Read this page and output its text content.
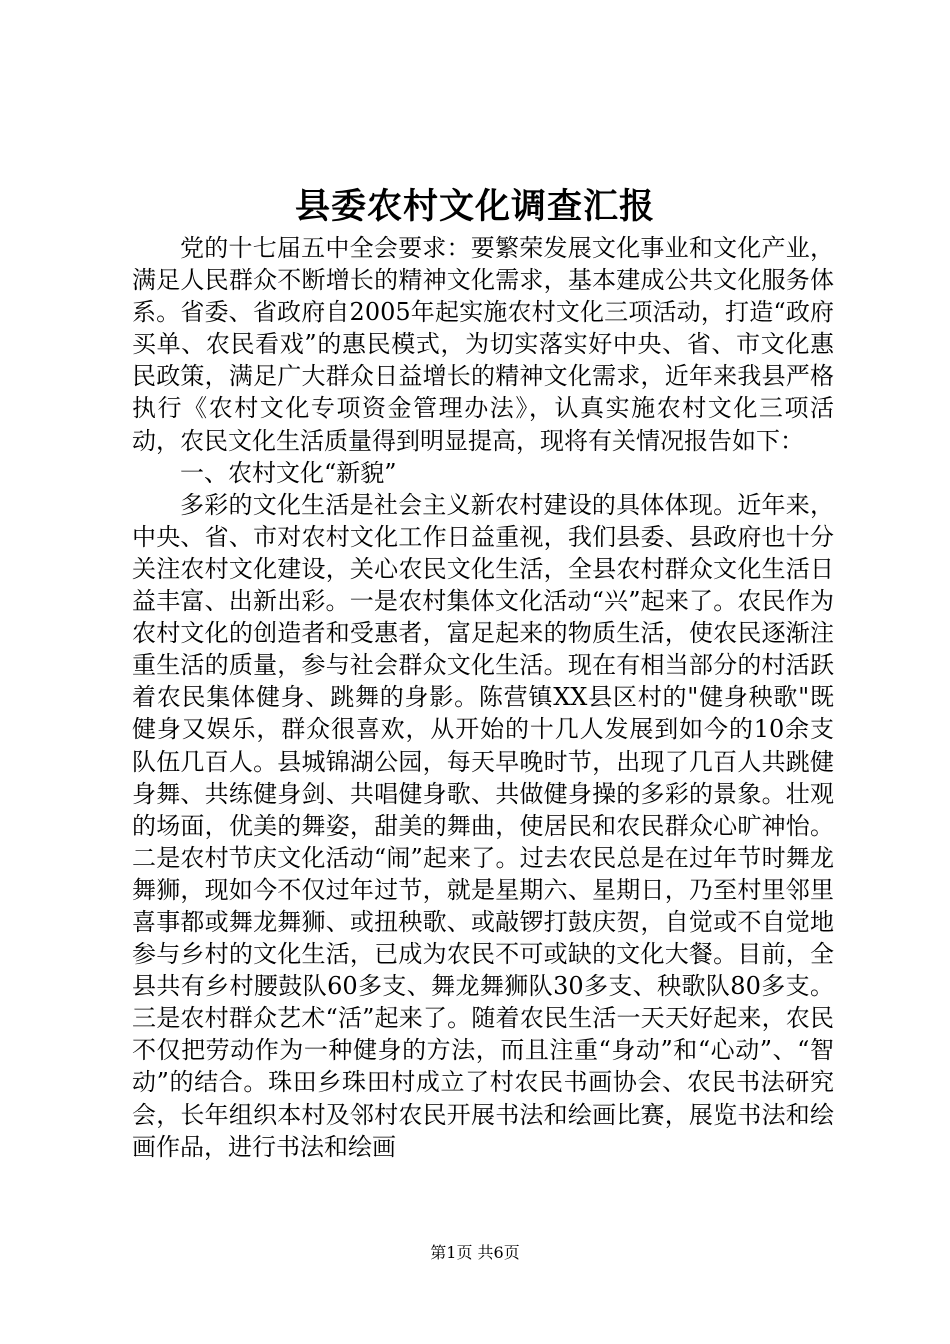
县委农村文化调查汇报

党的十七届五中全会要求：要繁荣发展文化事业和文化产业，满足人民群众不断增长的精神文化需求，基本建成公共文化服务体系。省委、省政府自2005年起实施农村文化三项活动，打造“政府买单、农民看戏”的惠民模式，为切实落实好中央、省、市文化惠民政策，满足广大群众日益增长的精神文化需求，近年来我县严格执行《农村文化专项资金管理办法》，认真实施农村文化三项活动，农民文化生活质量得到明显提高，现将有关情况报告如下：

一、农村文化“新貌”

多彩的文化生活是社会主义新农村建设的具体体现。近年来，中央、省、市对农村文化工作日益重视，我们县委、县政府也十分关注农村文化建设，关心农民文化生活，全县农村群众文化生活日益丰富、出新出彩。一是农村集体文化活动“兴”起来了。农民作为农村文化的创造者和受惠者，富足起来的物质生活，使农民逐渐注重生活的质量，参与社会群众文化生活。现在有相当部分的村活跃着农民集体健身、跳舞的身影。陈营镇XX县区村的"健身秧歌"既健身又娱乐，群众很喜欢，从开始的十几人发展到如今的10余支队伍几百人。县城锦湖公园，每天早晚时节，出现了几百人共跳健身舞、共练健身剑、共唱健身歌、共做健身操的多彩的景象。壮观的场面，优美的舞姿，甜美的舞曲，使居民和农民群众心旷神怡。二是农村节庆文化活动“闹”起来了。过去农民总是在过年节时舞龙舞狮，现如今不仅过年过节，就是星期六、星期日，乃至村里邻里喜事都或舞龙舞狮、或扭秧歌、或敲锣打鼓庆贺，自觉或不自觉地参与乡村的文化生活，已成为农民不可或缺的文化大餐。目前，全县共有乡村腰鼓队60多支、舞龙舞狮队30多支、秧歌队80多支。三是农村群众艺术“活”起来了。随着农民生活一天天好起来，农民不仅把劳动作为一种健身的方法，而且注重“身动”和“心动”、“智动”的结合。珠田乡珠田村成立了村农民书画协会、农民书法研究会，长年组织本村及邻村农民开展书法和绘画比赛，展览书法和绘画作品，进行书法和绘画

第1页 共6页
